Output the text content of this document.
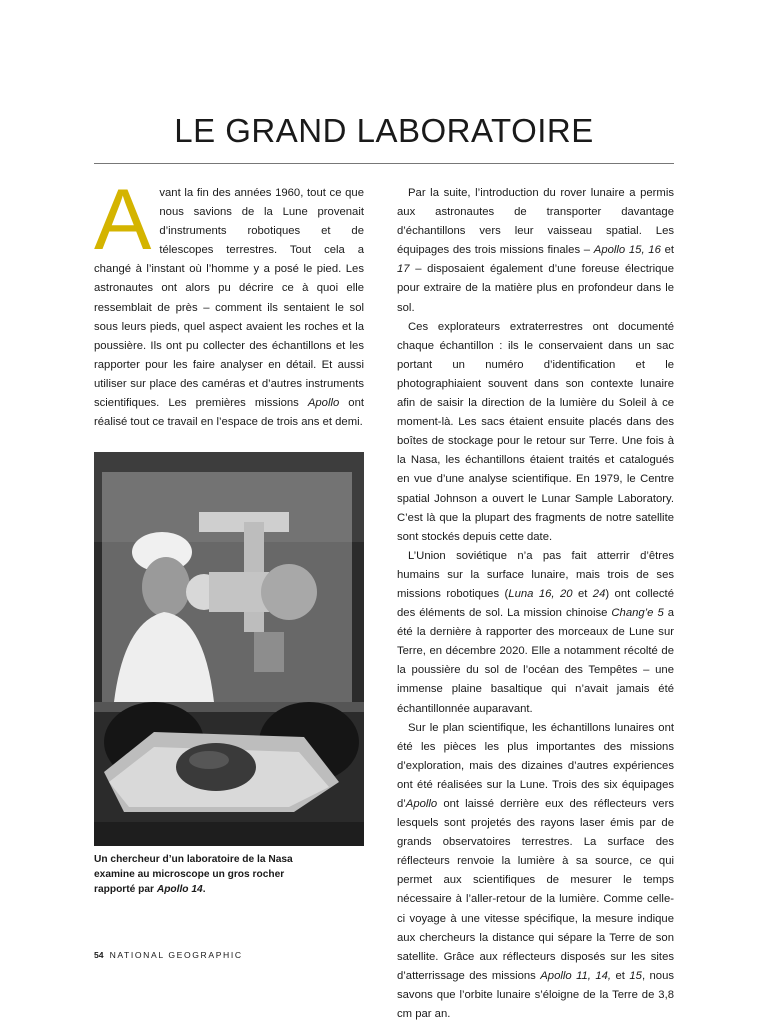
LE GRAND LABORATOIRE

Avant la fin des années 1960, tout ce que nous savions de la Lune provenait d’instruments robotiques et de télescopes terrestres. Tout cela a changé à l’instant où l’homme y a posé le pied. Les astronautes ont alors pu décrire ce à quoi elle ressemblait de près – comment ils sentaient le sol sous leurs pieds, quel aspect avaient les roches et la poussière. Ils ont pu collecter des échantillons et les rapporter pour les faire analyser en détail. Et aussi utiliser sur place des caméras et d’autres instruments scientifiques. Les premières missions Apollo ont réalisé tout ce travail en l’espace de trois ans et demi.

Un chercheur d’un laboratoire de la Nasa examine au microscope un gros rocher rapporté par Apollo 14.

Par la suite, l’introduction du rover lunaire a permis aux astronautes de transporter davantage d’échantillons vers leur vaisseau spatial. Les équipages des trois missions finales – Apollo 15, 16 et 17 – disposaient également d’une foreuse électrique pour extraire de la matière plus en profondeur dans le sol.

Ces explorateurs extraterrestres ont documenté chaque échantillon : ils le conservaient dans un sac portant un numéro d’identification et le photographiaient souvent dans son contexte lunaire afin de saisir la direction de la lumière du Soleil à ce moment-là. Les sacs étaient ensuite placés dans des boîtes de stockage pour le retour sur Terre. Une fois à la Nasa, les échantillons étaient traités et catalogués en vue d’une analyse scientifique. En 1979, le Centre spatial Johnson a ouvert le Lunar Sample Laboratory. C’est là que la plupart des fragments de notre satellite sont stockés depuis cette date.

L’Union soviétique n’a pas fait atterrir d’êtres humains sur la surface lunaire, mais trois de ses missions robotiques (Luna 16, 20 et 24) ont collecté des éléments de sol. La mission chinoise Chang’e 5 a été la dernière à rapporter des morceaux de Lune sur Terre, en décembre 2020. Elle a notamment récolté de la poussière du sol de l’océan des Tempêtes – une immense plaine basaltique qui n’avait jamais été échantillonnée auparavant.

Sur le plan scientifique, les échantillons lunaires ont été les pièces les plus importantes des missions d’exploration, mais des dizaines d’autres expériences ont été réalisées sur la Lune. Trois des six équipages d’Apollo ont laissé derrière eux des réflecteurs vers lesquels sont projetés des rayons laser émis par de grands observatoires terrestres. La surface des réflecteurs renvoie la lumière à sa source, ce qui permet aux scientifiques de mesurer le temps nécessaire à l’aller-retour de la lumière. Comme celle-ci voyage à une vitesse spécifique, la mesure indique aux chercheurs la distance qui sépare la Terre de son satellite. Grâce aux réflecteurs disposés sur les sites d’atterrissage des missions Apollo 11, 14, et 15, nous savons que l’orbite lunaire s’éloigne de la Terre de 3,8 cm par an.

54 NATIONAL GEOGRAPHIC
